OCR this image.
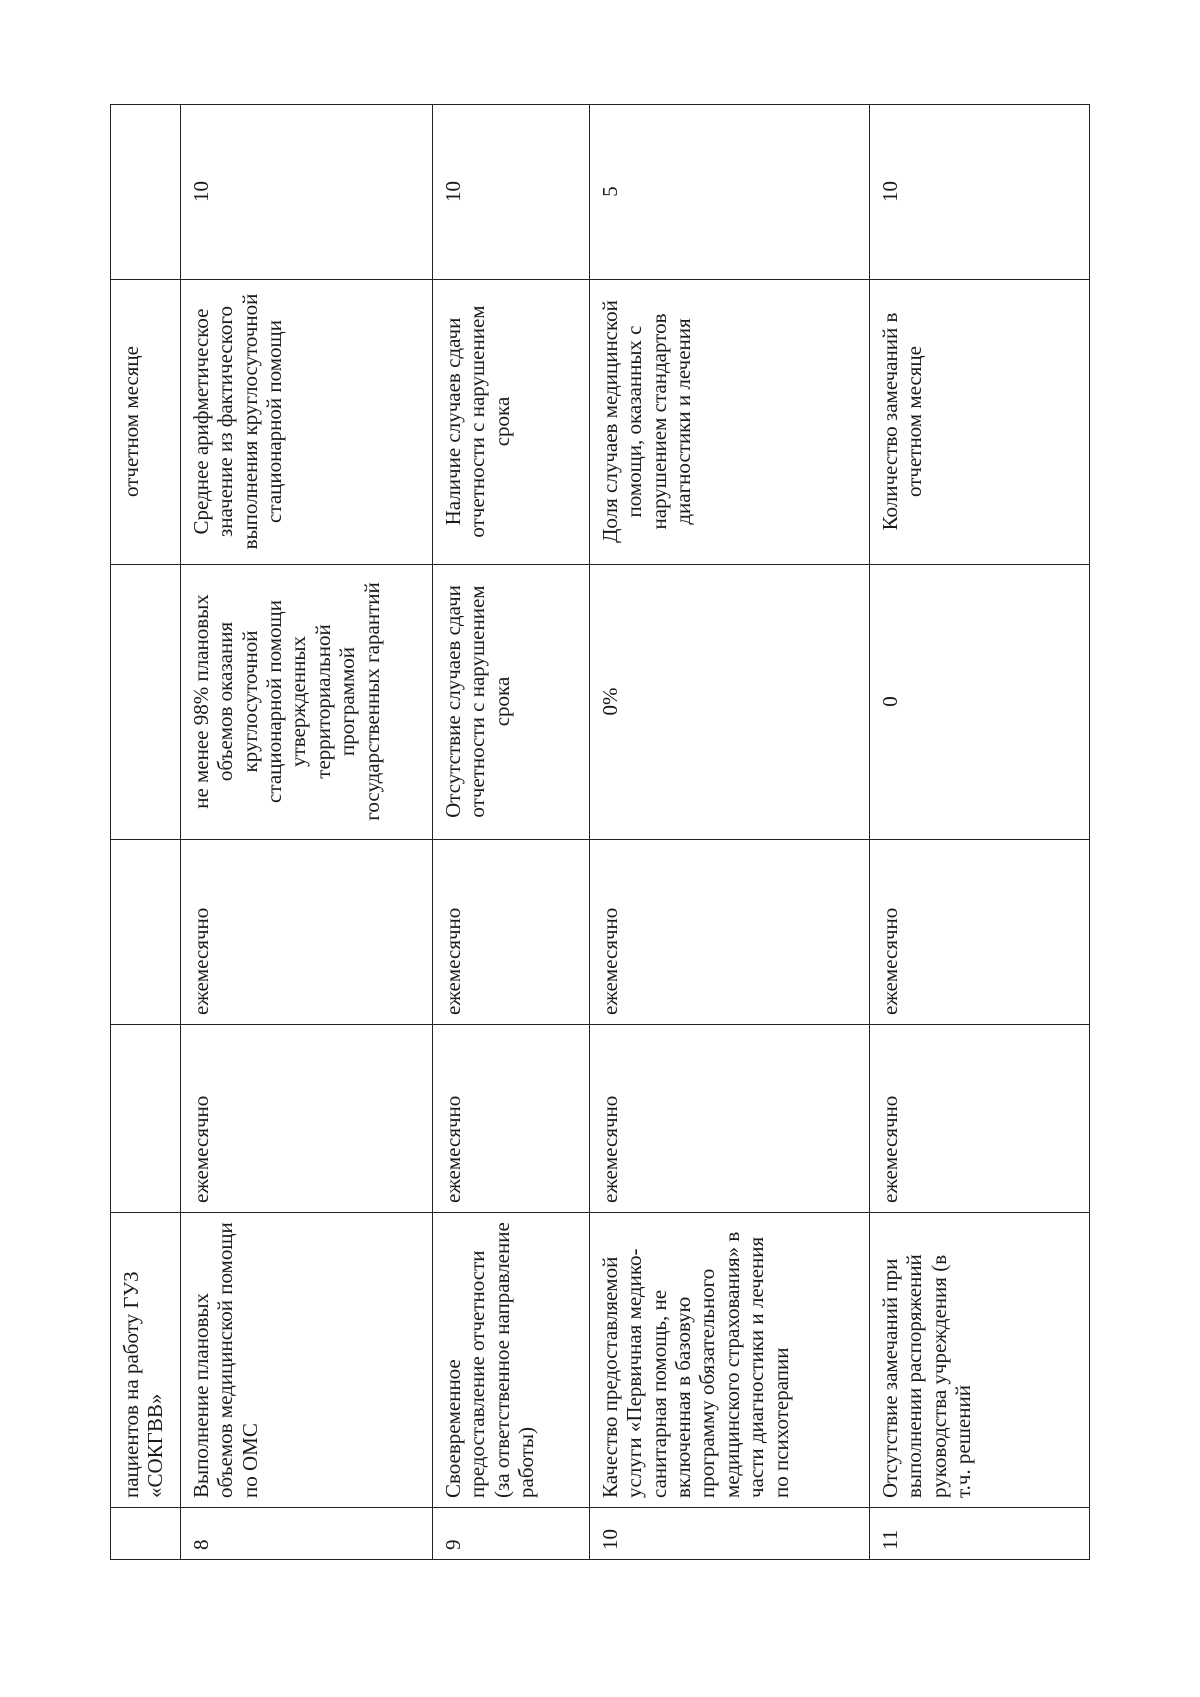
	пациентов на работу ГУЗ «СОКГВВ»				отчетном месяце	
8	Выполнение плановых объемов медицинской помощи по ОМС	ежемесячно	ежемесячно	не менее 98% плановых объемов оказания круглосуточной стационарной помощи утвержденных территориальной программой государственных гарантий	Среднее арифметическое значение из фактического выполнения круглосуточной стационарной помощи	10
9	Своевременное предоставление отчетности (за ответственное направление работы)	ежемесячно	ежемесячно	Отсутствие случаев сдачи отчетности с нарушением срока	Наличие случаев сдачи отчетности с нарушением срока	10
10	Качество предоставляемой услуги «Первичная медико-санитарная помощь, не включенная в базовую программу обязательного медицинского страхования» в части диагностики и лечения по психотерапии	ежемесячно	ежемесячно	0%	Доля случаев медицинской помощи, оказанных с нарушением стандартов диагностики и лечения	5
11	Отсутствие замечаний при выполнении распоряжений руководства учреждения (в т.ч. решений	ежемесячно	ежемесячно	0	Количество замечаний в отчетном месяце	10
